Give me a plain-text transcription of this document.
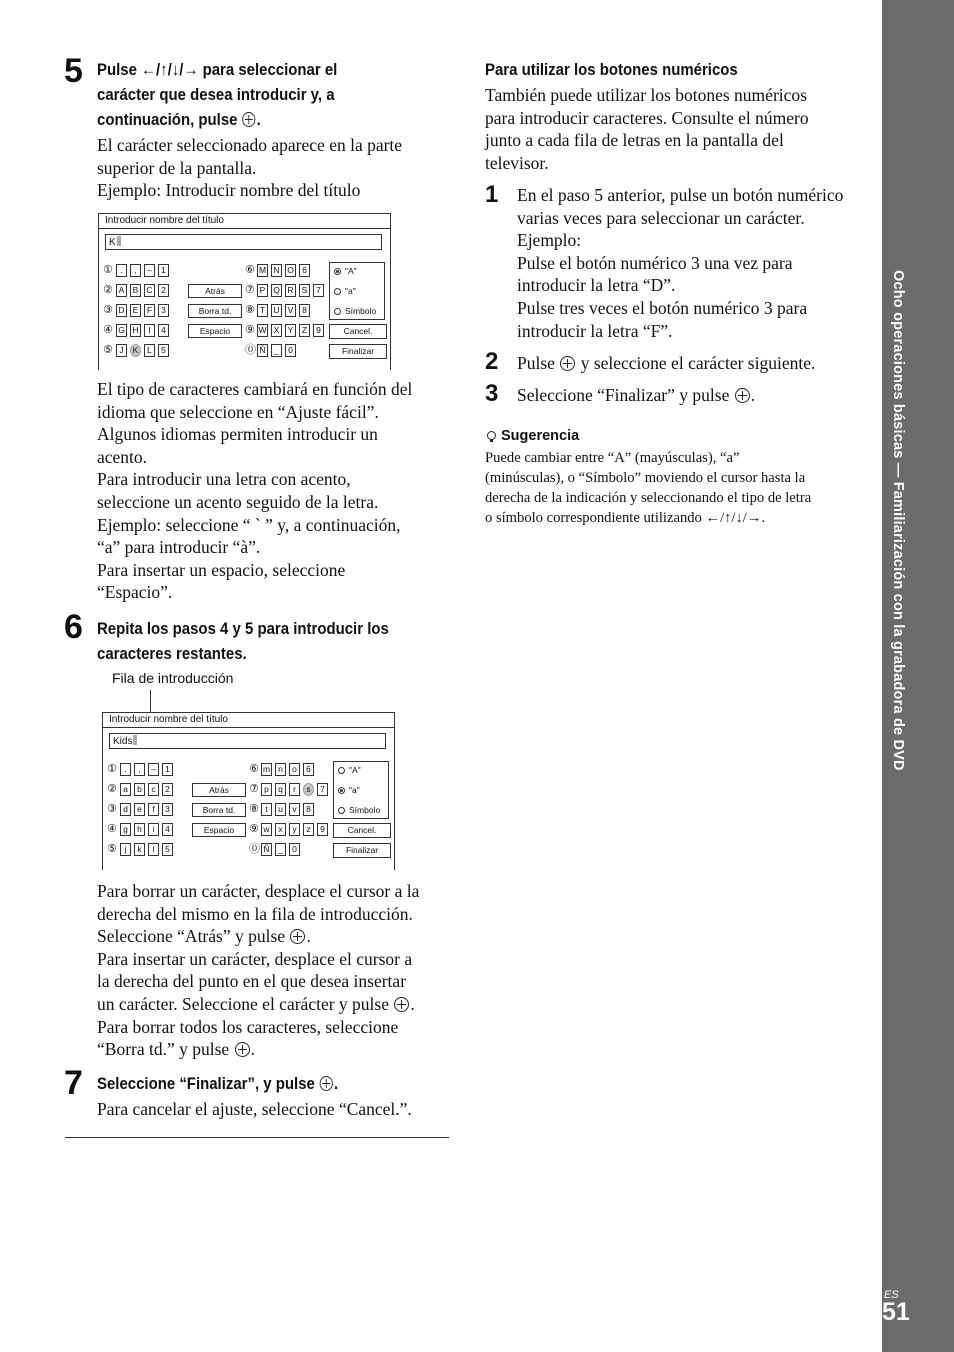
Ocho operaciones básicas — Familiarización con la grabadora de DVD
ES
51
5 Pulse ←/↑/↓/→ para seleccionar el
carácter que desea introducir y, a
continuación, pulse .
El carácter seleccionado aparece en la parte
superior de la pantalla.
Ejemplo: Introducir nombre del título
Introducir nombre del título
K
① .	,	–	1
② A B C	2
③ D E	F	3
④ G H	I	4
⑤ J	K	L	5
Atrás
Borra td.
Espacio
⑥ M N O 6
⑦ P Q R S	7
⑧ T U V	8
⑨ W X Y	Z	9
⓪ Ñ	_	0
"A"
"a"
Símbolo
Cancel.
Finalizar
El tipo de caracteres cambiará en función del
idioma que seleccione en “Ajuste fácil”.
Algunos idiomas permiten introducir un
acento.
Para introducir una letra con acento,
seleccione un acento seguido de la letra.
Ejemplo: seleccione “ ` ” y, a continuación,
“a” para introducir “à”.
Para insertar un espacio, seleccione
“Espacio”.
6 Repita los pasos 4 y 5 para introducir los
caracteres restantes.
Fila de introducción
Introducir nombre del título
Kids
① .	,	–	1
② a	b	c	2
③ d	e	f	3
④ g	h	i	4
⑤ j	k	l	5
Atrás
Borra td.
Espacio
⑥ m n	o	6
⑦ p	q	r	s	7
⑧ t	u	v	8
⑨ w	x	y	z	9
⓪ Ñ	_	0
"A"
"a"
Símbolo
Cancel.
Finalizar
Para borrar un carácter, desplace el cursor a la
derecha del mismo en la fila de introducción.
Seleccione “Atrás” y pulse .
Para insertar un carácter, desplace el cursor a
la derecha del punto en el que desea insertar
un carácter. Seleccione el carácter y pulse .
Para borrar todos los caracteres, seleccione
“Borra td.” y pulse .
7 Seleccione “Finalizar”, y pulse .
Para cancelar el ajuste, seleccione “Cancel.”.
Para utilizar los botones numéricos
También puede utilizar los botones numéricos
para introducir caracteres. Consulte el número
junto a cada fila de letras en la pantalla del
televisor.
1 En el paso 5 anterior, pulse un botón numérico
varias veces para seleccionar un carácter.
Ejemplo:
Pulse el botón numérico 3 una vez para
introducir la letra “D”.
Pulse tres veces el botón numérico 3 para
introducir la letra “F”.
2 Pulse y seleccione el carácter siguiente.
3 Seleccione “Finalizar” y pulse .
Sugerencia
Puede cambiar entre “A” (mayúsculas), “a”
(minúsculas), o “Símbolo” moviendo el cursor hasta la
derecha de la indicación y seleccionando el tipo de letra
o símbolo correspondiente utilizando ←/↑/↓/→.
